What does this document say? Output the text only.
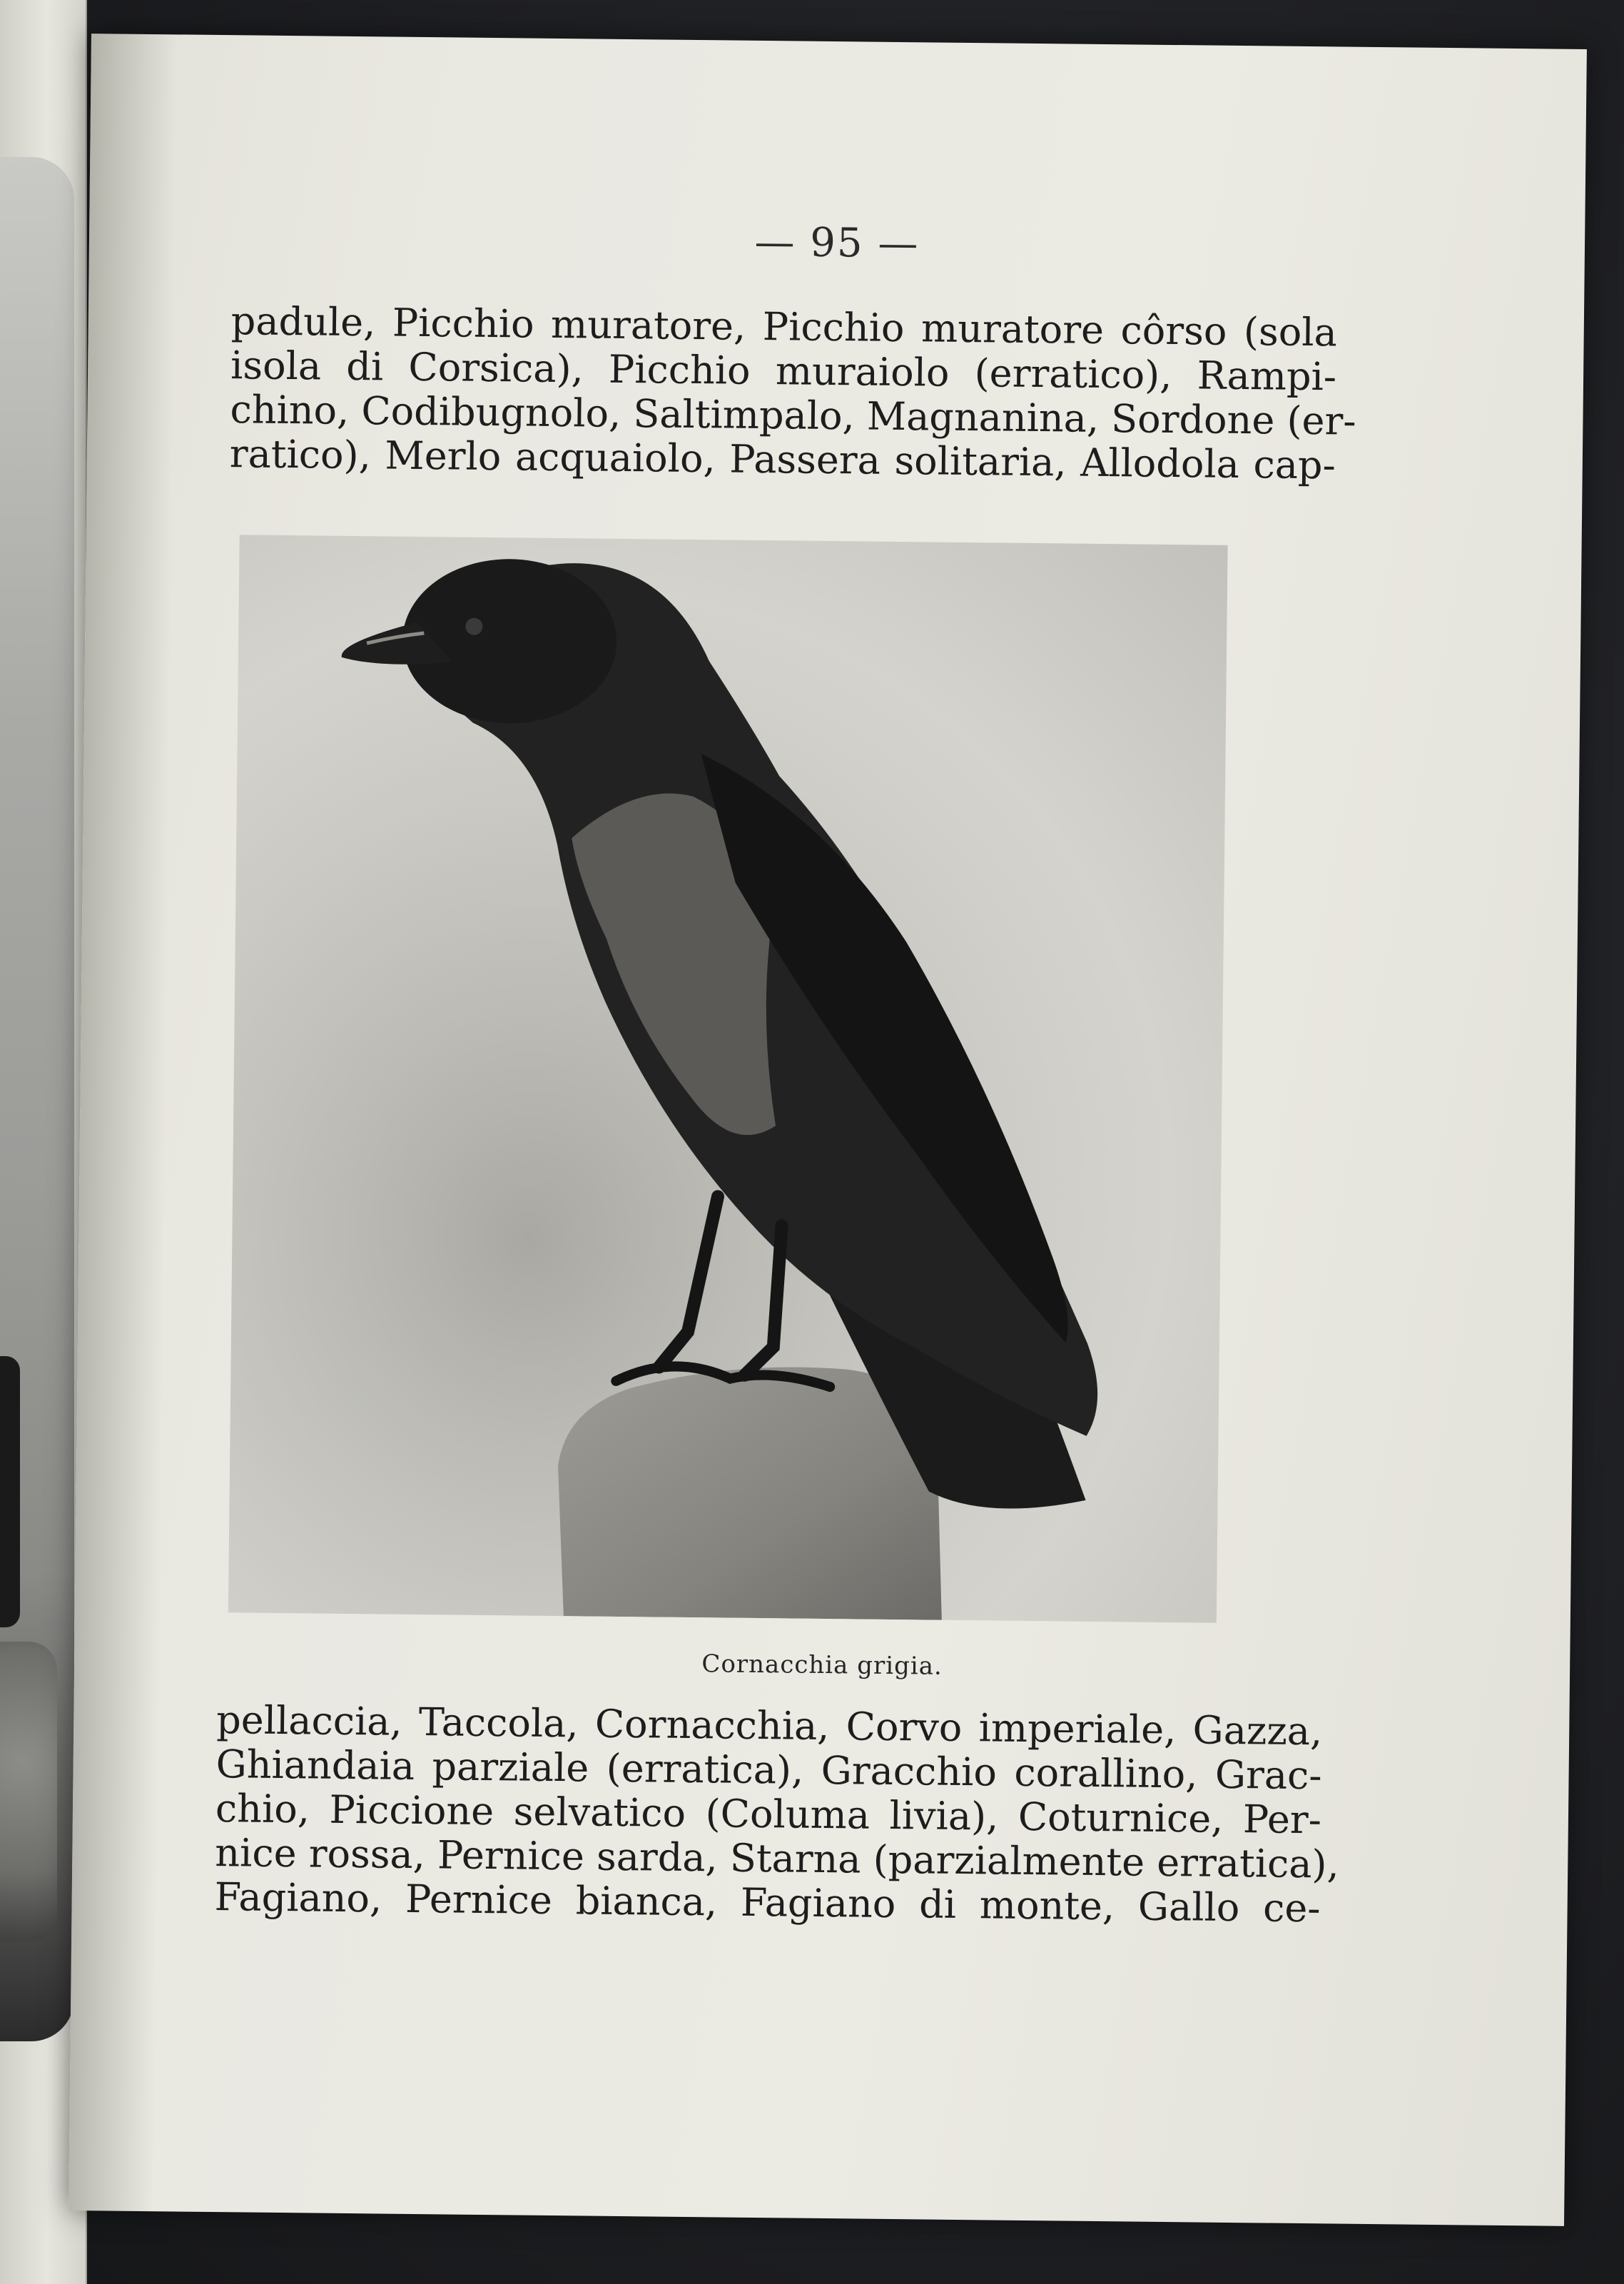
— 95 —
padule, Picchio muratore, Picchio muratore côrso (sola
isola di Corsica), Picchio muraiolo (erratico), Rampi-
chino, Codibugnolo, Saltimpalo, Magnanina, Sordone (er-
ratico), Merlo acquaiolo, Passera solitaria, Allodola cap-
Cornacchia grigia.
pellaccia, Taccola, Cornacchia, Corvo imperiale, Gazza,
Ghiandaia parziale (erratica), Gracchio corallino, Grac-
chio, Piccione selvatico (Columa livia), Coturnice, Per-
nice rossa, Pernice sarda, Starna (parzialmente erratica),
Fagiano, Pernice bianca, Fagiano di monte, Gallo ce-
